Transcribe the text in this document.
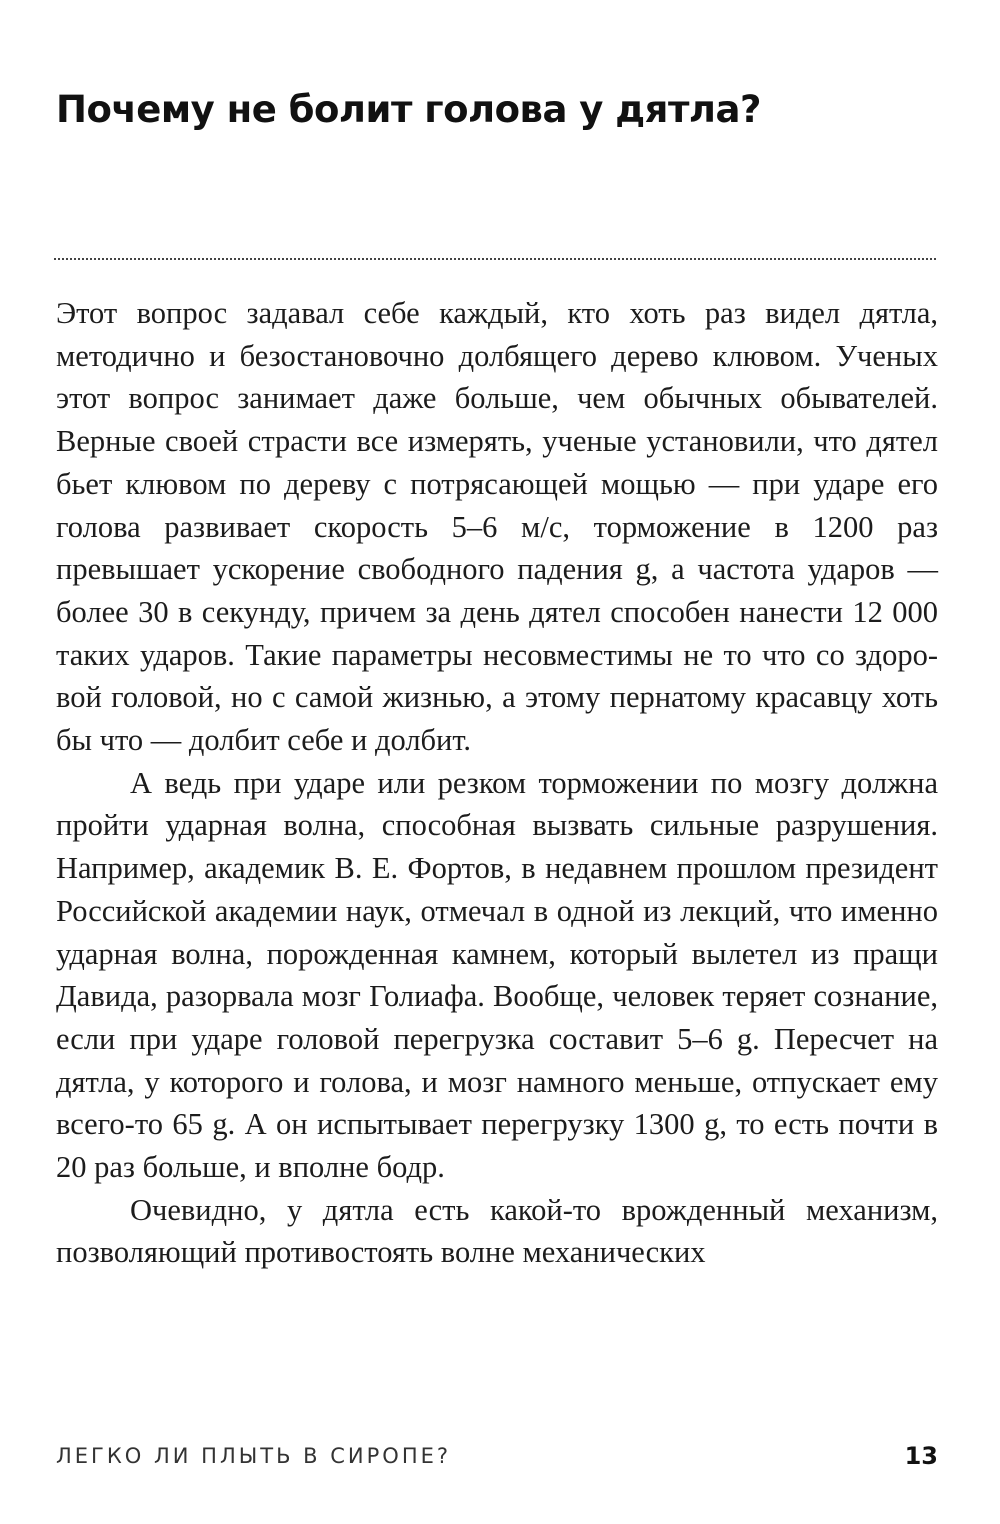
Почему не болит голова у дятла?

Этот вопрос задавал себе каждый, кто хоть раз видел дятла, методично и безостановочно долбящего дерево клювом. Ученых этот вопрос занимает даже больше, чем обычных обывателей. Верные своей страсти все измерять, ученые установили, что дятел бьет клювом по дереву с потрясающей мощью — при ударе его голова развивает скорость 5–6 м/с, торможение в 1200 раз превышает ускорение свободного падения g, а частота ударов — более 30 в секунду, причем за день дятел способен нанести 12 000 таких ударов. Такие параметры несовместимы не то что со здоровой головой, но с самой жизнью, а этому пернатому красавцу хоть бы что — долбит себе и долбит.

А ведь при ударе или резком торможении по мозгу должна пройти ударная волна, способная вызвать сильные разрушения. Например, академик В. Е. Фортов, в недавнем прошлом президент Российской академии наук, отмечал в одной из лекций, что именно ударная волна, порожденная камнем, который вылетел из пращи Давида, разорвала мозг Голиафа. Вообще, человек теряет сознание, если при ударе головой перегрузка составит 5–6 g. Пересчет на дятла, у которого и голова, и мозг намного меньше, отпускает ему всего-то 65 g. А он испытывает перегрузку 1300 g, то есть почти в 20 раз больше, и вполне бодр.

Очевидно, у дятла есть какой-то врожденный механизм, позволяющий противостоять волне механических

ЛЕГКО ЛИ ПЛЫТЬ В СИРОПЕ?	13
